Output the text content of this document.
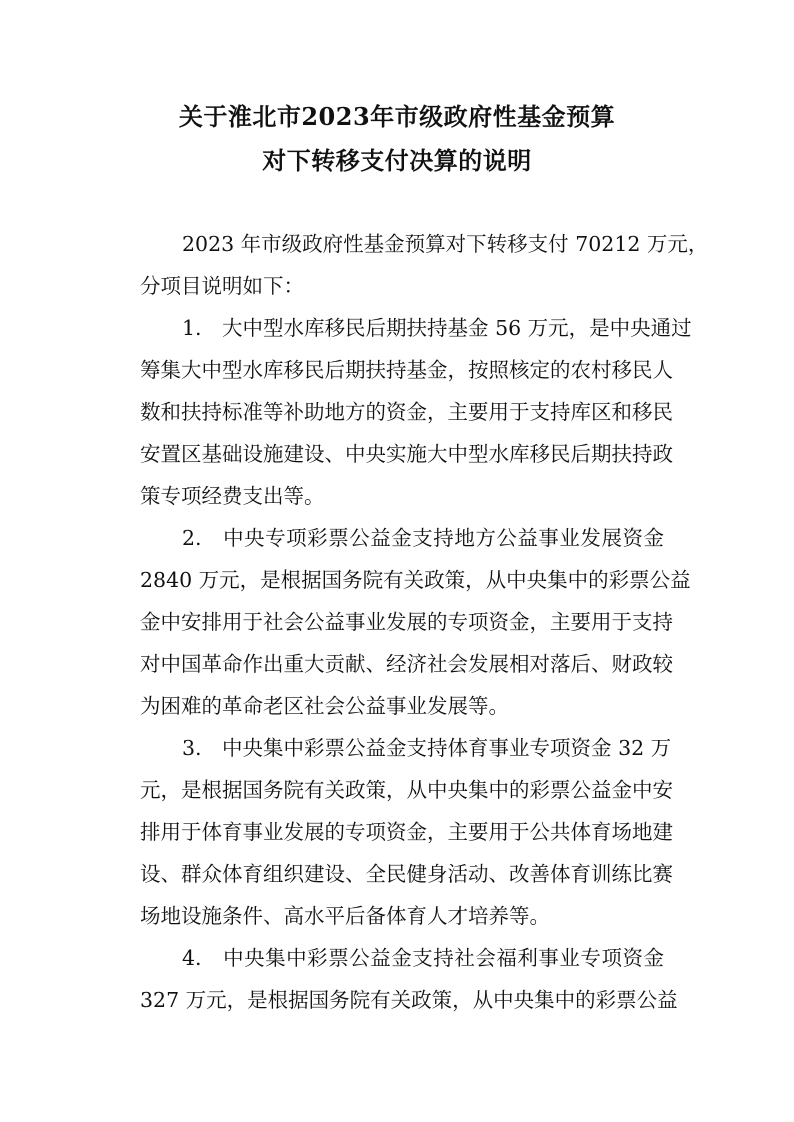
关于淮北市2023年市级政府性基金预算
对下转移支付决算的说明
2023 年市级政府性基金预算对下转移支付 70212 万元，
分项目说明如下：
1.　大中型水库移民后期扶持基金 56 万元，是中央通过
筹集大中型水库移民后期扶持基金，按照核定的农村移民人
数和扶持标准等补助地方的资金，主要用于支持库区和移民
安置区基础设施建设、中央实施大中型水库移民后期扶持政
策专项经费支出等。
2.　中央专项彩票公益金支持地方公益事业发展资金
2840 万元，是根据国务院有关政策，从中央集中的彩票公益
金中安排用于社会公益事业发展的专项资金，主要用于支持
对中国革命作出重大贡献、经济社会发展相对落后、财政较
为困难的革命老区社会公益事业发展等。
3.　中央集中彩票公益金支持体育事业专项资金 32 万
元，是根据国务院有关政策，从中央集中的彩票公益金中安
排用于体育事业发展的专项资金，主要用于公共体育场地建
设、群众体育组织建设、全民健身活动、改善体育训练比赛
场地设施条件、高水平后备体育人才培养等。
4.　中央集中彩票公益金支持社会福利事业专项资金
327 万元，是根据国务院有关政策，从中央集中的彩票公益
